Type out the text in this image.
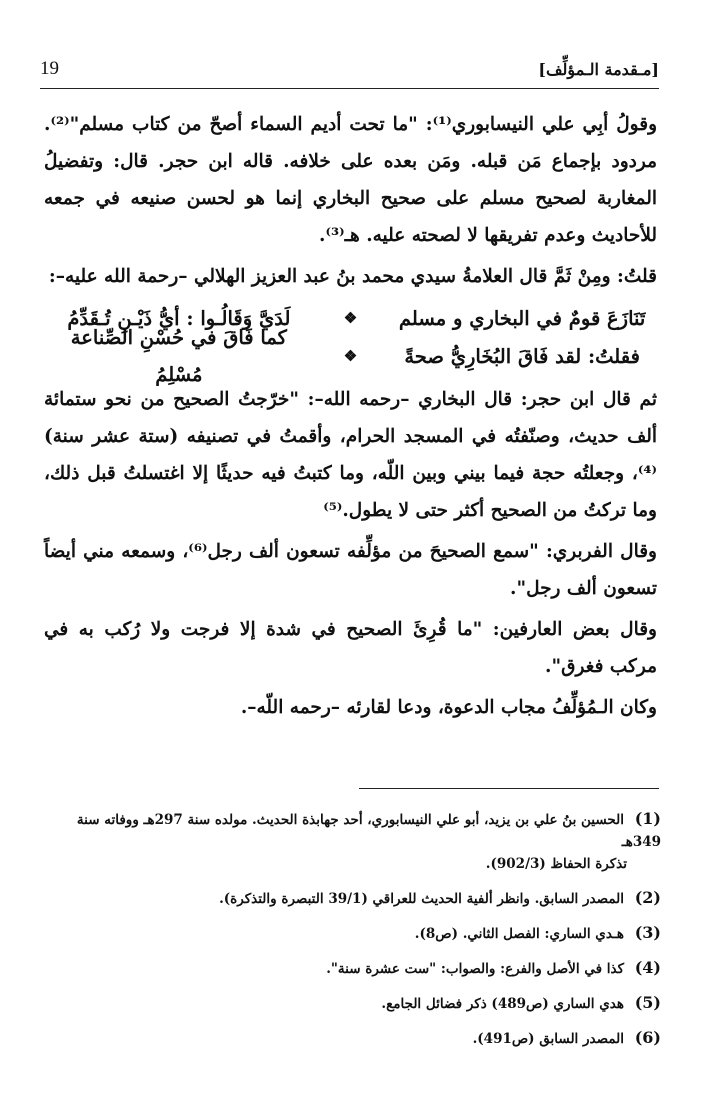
19	[مـقدمة الـمؤلِّف]

وقولُ أبِي علي النيسابوري⁽¹⁾: "ما تحت أديم السماء أصحّ من كتاب مسلم"⁽²⁾. مردود بإجماع مَن قبله. ومَن بعده على خلافه. قاله ابن حجر. قال: وتفضيلُ المغاربة لصحيح مسلم على صحيح البخاري إنما هو لحسن صنيعه في جمعه للأحاديث وعدم تفريقها لا لصحته عليه. هـ⁽³⁾.

قلتُ: ومِنْ ثَمَّ قال العلامةُ سيدي محمد بنُ عبد العزيز الهلالي –رحمة الله عليه–:

تَنَازَعَ قومٌ في البخاري و مسلم
❖
لَدَيَّ وَقَالُـوا : أيُّ ذَيْـنِ تُـقَدِّمُ
فقلتُ: لقد فَاقَ البُخَارِيُّ صحةً
❖
كما فَاقَ في حُسْنِ الصِّناعة مُسْلِمُ

ثم قال ابن حجر: قال البخاري –رحمه الله–: "خرّجتُ الصحيح من نحو ستمائة ألف حديث، وصنّفتُه في المسجد الحرام، وأقمتُ في تصنيفه (ستة عشر سنة)⁽⁴⁾، وجعلتُه حجة فيما بيني وبين اللّه، وما كتبتُ فيه حديثًا إلا اغتسلتُ قبل ذلك، وما تركتُ من الصحيح أكثر حتى لا يطول.⁽⁵⁾

وقال الفربري: "سمع الصحيحَ من مؤلِّفه تسعون ألف رجل⁽⁶⁾، وسمعه مني أيضاً تسعون ألف رجل".

وقال بعض العارفين: "ما قُرِئَ الصحيح في شدة إلا فرجت ولا رُكب به في مركب فغرق".

وكان الـمُؤلِّفُ مجاب الدعوة، ودعا لقارئه –رحمه اللّه–.

(1) الحسين بنُ علي بن يزيد، أبو علي النيسابوري، أحد جهابذة الحديث. مولده سنة 297هـ ووفاته سنة 349هـ
تذكرة الحفاظ (902/3).
(2) المصدر السابق. وانظر ألفية الحديث للعراقي (39/1 التبصرة والتذكرة).
(3) هـدي الساري: الفصل الثاني. (ص8).
(4) كذا في الأصل والفرع: والصواب: "ست عشرة سنة".
(5) هدي الساري (ص489) ذكر فضائل الجامع.
(6) المصدر السابق (ص491).
